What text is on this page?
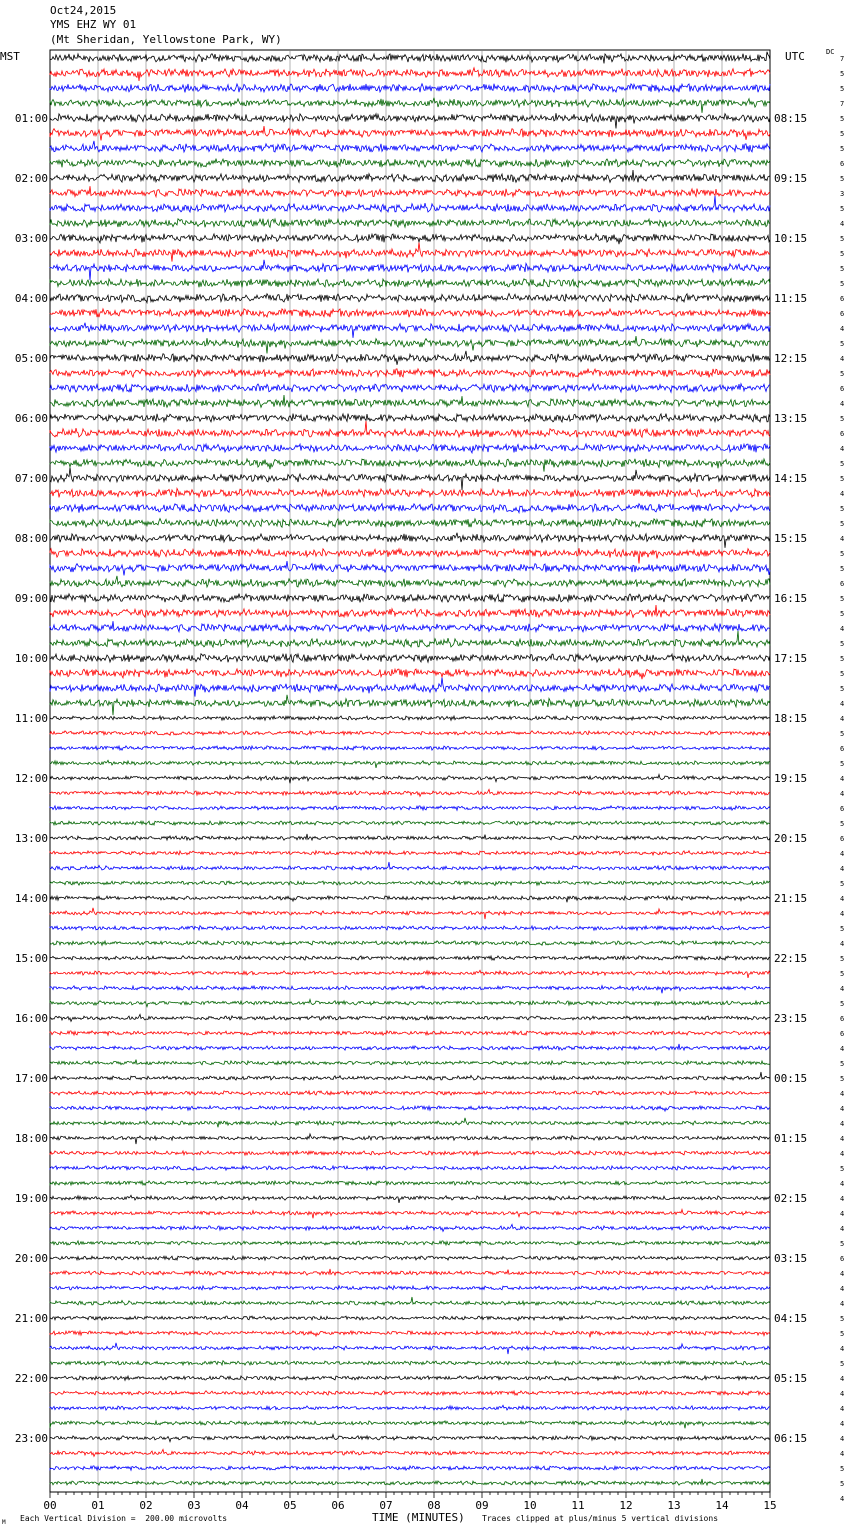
Oct24,2015
YMS EHZ WY 01
(Mt Sheridan, Yellowstone Park, WY)
MST	UTC	DC
01:00
02:00
03:00
04:00
05:00
06:00
07:00
08:00
09:00
10:00
11:00
12:00
13:00
14:00
15:00
16:00
17:00
18:00
19:00
20:00
21:00
22:00
23:00
08:15
09:15
10:15
11:15
12:15
13:15
14:15
15:15
16:15
17:15
18:15
19:15
20:15
21:15
22:15
23:15
00:15
01:15
02:15
03:15
04:15
05:15
06:15
7
5
5
7
5
5
5
6
5
3
5
4
5
5
5
5
6
6
4
5
4
5
6
4
5
6
4
5
5
4
5
5
4
5
5
6
5
5
4
5
5
5
5
4
4
5
6
5
4
4
6
5
6
4
4
5
4
4
5
4
5
5
4
5
6
6
4
5
5
4
4
4
4
4
5
4
4
4
4
5
6
4
4
4
5
5
4
5
4
4
4
4
4
4
5
5
4
00	01	02	03	04	05	06	07	08	09	10	11	12	13	14	15
TIME (MINUTES)
M Each Vertical Division =  200.00 microvolts	Traces clipped at plus/minus 5 vertical divisions
